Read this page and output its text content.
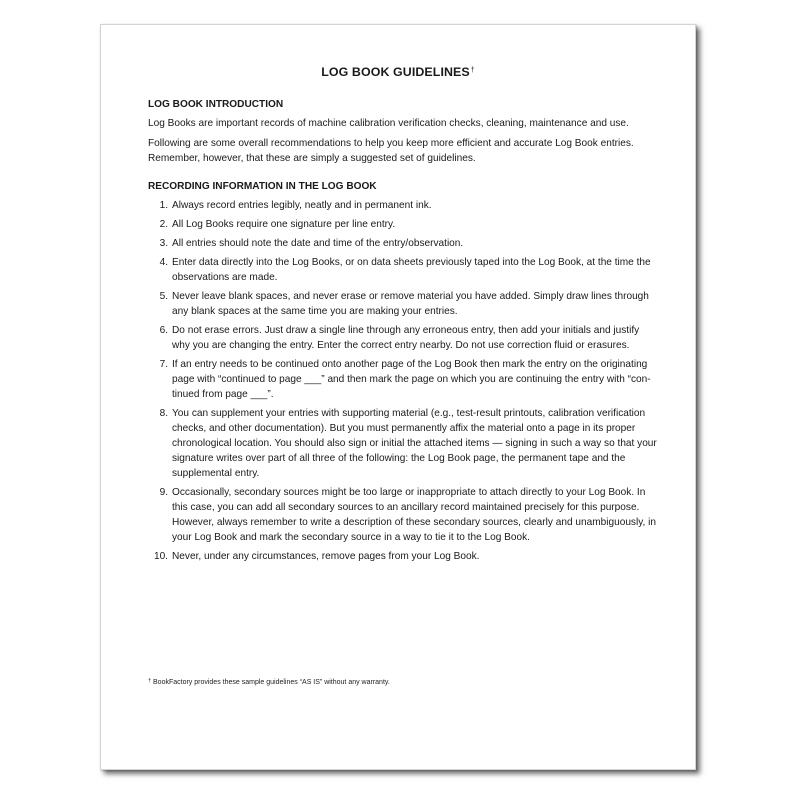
LOG BOOK GUIDELINES†
LOG BOOK INTRODUCTION

Log Books are important records of machine calibration verification checks, cleaning, maintenance and use.

Following are some overall recommendations to help you keep more efficient and accurate Log Book entries. Remember, however, that these are simply a suggested set of guidelines.

RECORDING INFORMATION IN THE LOG BOOK
1. Always record entries legibly, neatly and in permanent ink.
2. All Log Books require one signature per line entry.
3. All entries should note the date and time of the entry/observation.
4. Enter data directly into the Log Books, or on data sheets previously taped into the Log Book, at the time the observations are made.
5. Never leave blank spaces, and never erase or remove material you have added. Simply draw lines through any blank spaces at the same time you are making your entries.
6. Do not erase errors. Just draw a single line through any erroneous entry, then add your initials and justify why you are changing the entry. Enter the correct entry nearby. Do not use correction fluid or erasures.
7. If an entry needs to be continued onto another page of the Log Book then mark the entry on the originating page with “continued to page ___” and then mark the page on which you are continuing the entry with “con-tinued from page ___”.
8. You can supplement your entries with supporting material (e.g., test-result printouts, calibration verification checks, and other documentation). But you must permanently affix the material onto a page in its proper chronological location. You should also sign or initial the attached items — signing in such a way so that your signature writes over part of all three of the following: the Log Book page, the permanent tape and the supplemental entry.
9. Occasionally, secondary sources might be too large or inappropriate to attach directly to your Log Book. In this case, you can add all secondary sources to an ancillary record maintained precisely for this purpose. However, always remember to write a description of these secondary sources, clearly and unambiguously, in your Log Book and mark the secondary source in a way to tie it to the Log Book.
10. Never, under any circumstances, remove pages from your Log Book.
† BookFactory provides these sample guidelines “AS IS” without any warranty.
